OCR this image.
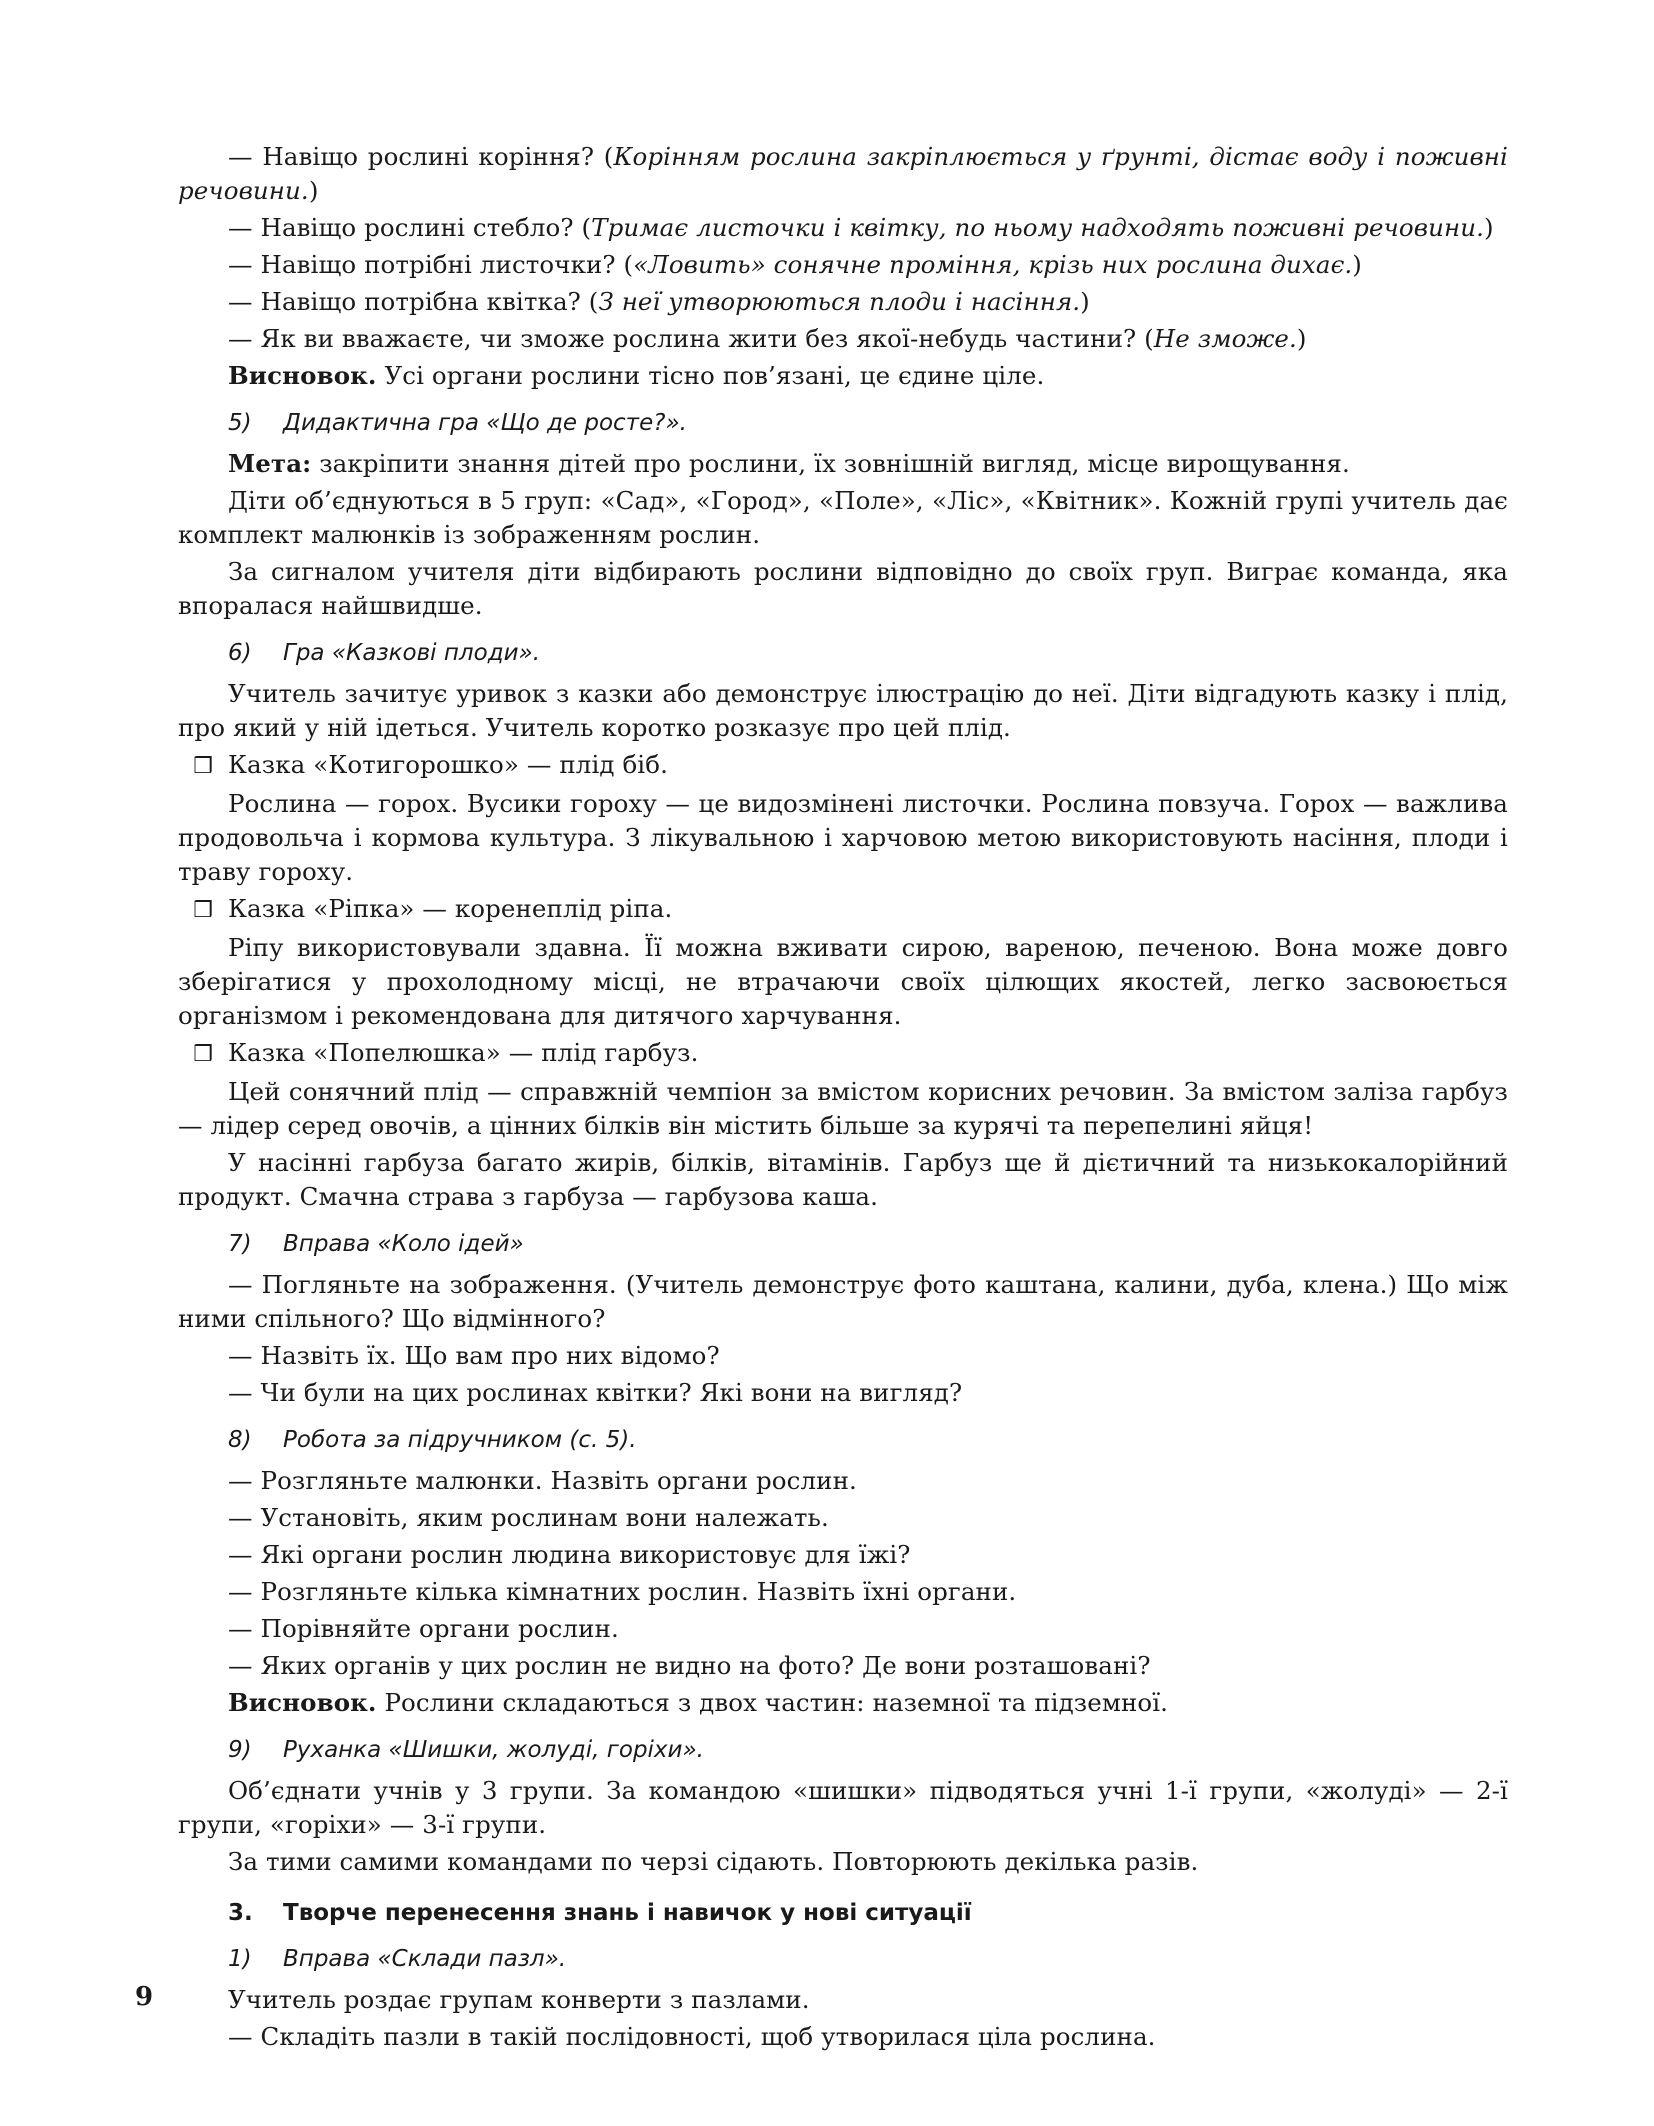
— Навіщо рослині коріння? (Корінням рослина закріплюється у ґрунті, дістає воду і поживні речовини.)

— Навіщо рослині стебло? (Тримає листочки і квітку, по ньому надходять поживні речовини.)

— Навіщо потрібні листочки? («Ловить» сонячне проміння, крізь них рослина дихає.)

— Навіщо потрібна квітка? (З неї утворюються плоди і насіння.)

— Як ви вважаєте, чи зможе рослина жити без якої-небудь частини? (Не зможе.)

Висновок. Усі органи рослини тісно пов’язані, це єдине ціле.

5) Дидактична гра «Що де росте?».

Мета: закріпити знання дітей про рослини, їх зовнішній вигляд, місце вирощування.

Діти об’єднуються в 5 груп: «Сад», «Город», «Поле», «Ліс», «Квітник». Кожній групі учитель дає комплект малюнків із зображенням рослин.

За сигналом учителя діти відбирають рослини відповідно до своїх груп. Виграє команда, яка впоралася найшвидше.

6) Гра «Казкові плоди».

Учитель зачитує уривок з казки або демонструє ілюстрацію до неї. Діти відгадують казку і плід, про який у ній ідеться. Учитель коротко розказує про цей плід.

❒ Казка «Котигорошко» — плід біб.

Рослина — горох. Вусики гороху — це видозмінені листочки. Рослина повзуча. Горох — важлива продовольча і кормова культура. З лікувальною і харчовою метою використовують насіння, плоди і траву гороху.

❒ Казка «Ріпка» — коренеплід ріпа.

Ріпу використовували здавна. Її можна вживати сирою, вареною, печеною. Вона може довго зберігатися у прохолодному місці, не втрачаючи своїх цілющих якостей, легко засвоюється організмом і рекомендована для дитячого харчування.

❒ Казка «Попелюшка» — плід гарбуз.

Цей сонячний плід — справжній чемпіон за вмістом корисних речовин. За вмістом заліза гарбуз — лідер серед овочів, а цінних білків він містить більше за курячі та перепелині яйця!

У насінні гарбуза багато жирів, білків, вітамінів. Гарбуз ще й дієтичний та низькокалорійний продукт. Смачна страва з гарбуза — гарбузова каша.

7) Вправа «Коло ідей»

— Погляньте на зображення. (Учитель демонструє фото каштана, калини, дуба, клена.) Що між ними спільного? Що відмінного?

— Назвіть їх. Що вам про них відомо?

— Чи були на цих рослинах квітки? Які вони на вигляд?

8) Робота за підручником (с. 5).

— Розгляньте малюнки. Назвіть органи рослин.

— Установіть, яким рослинам вони належать.

— Які органи рослин людина використовує для їжі?

— Розгляньте кілька кімнатних рослин. Назвіть їхні органи.

— Порівняйте органи рослин.

— Яких органів у цих рослин не видно на фото? Де вони розташовані?

Висновок. Рослини складаються з двох частин: наземної та підземної.

9) Руханка «Шишки, жолуді, горіхи».

Об’єднати учнів у 3 групи. За командою «шишки» підводяться учні 1-ї групи, «жолуді» — 2-ї групи, «горіхи» — 3-ї групи.

За тими самими командами по черзі сідають. Повторюють декілька разів.

3. Творче перенесення знань і навичок у нові ситуації
1) Вправа «Склади пазл».

Учитель роздає групам конверти з пазлами.

— Складіть пазли в такій послідовності, щоб утворилася ціла рослина.

9
